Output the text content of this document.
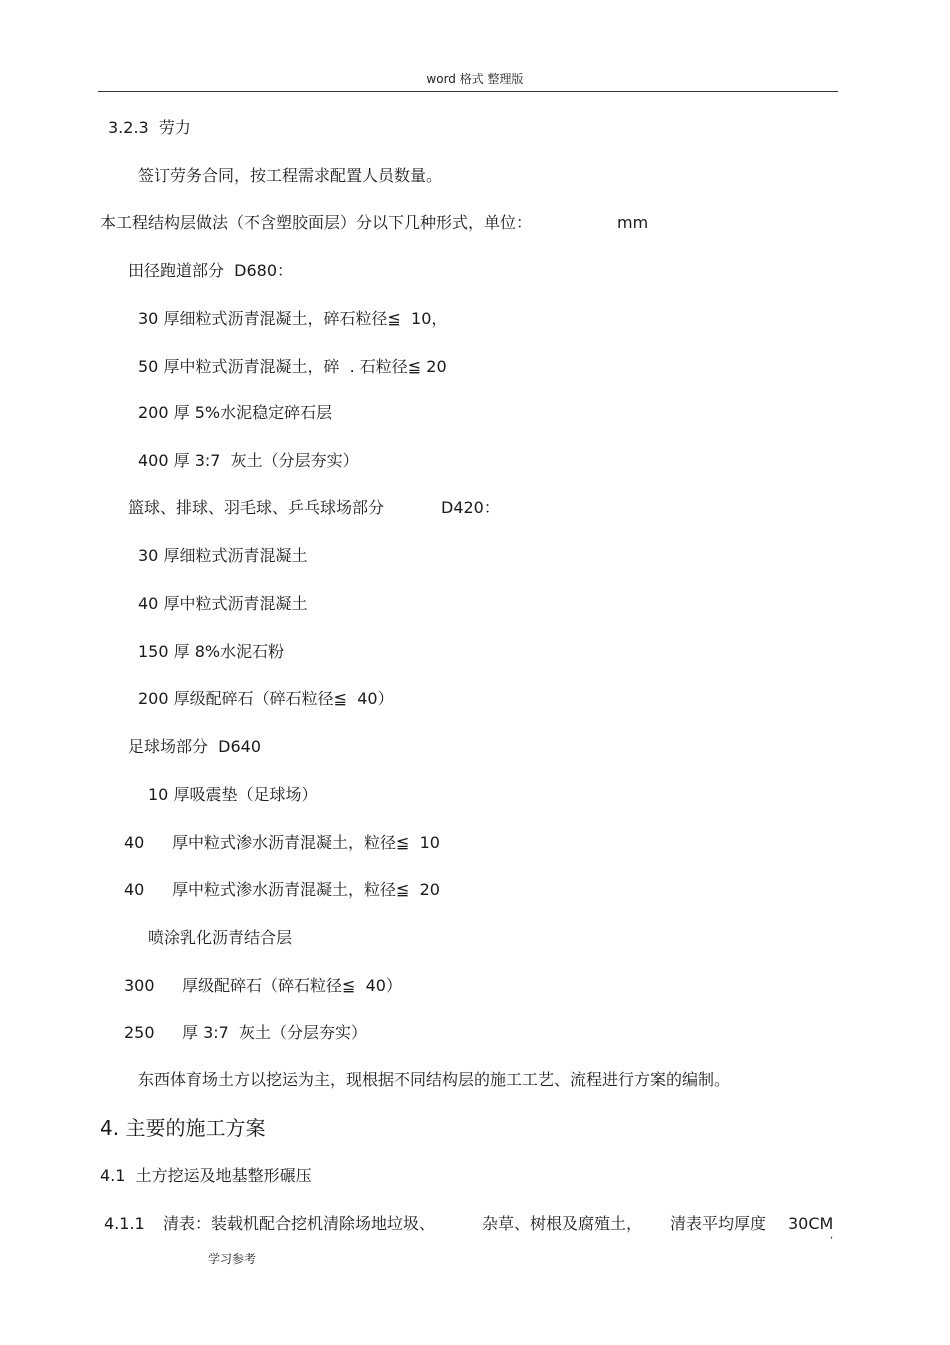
word 格式 整理版
3.2.3  劳力
签订劳务合同，按工程需求配置人员数量。
本工程结构层做法（不含塑胶面层）分以下几种形式，单位：	mm
田径跑道部分  D680：
30 厚细粒式沥青混凝土，碎石粒径≦  10，
50 厚中粒式沥青混凝土，碎  . 石粒径≦ 20
200 厚 5%水泥稳定碎石层
400 厚 3:7  灰土（分层夯实）
篮球、排球、羽毛球、乒乓球场部分	D420：
30 厚细粒式沥青混凝土
40 厚中粒式沥青混凝土
150 厚 8%水泥石粉
200 厚级配碎石（碎石粒径≦  40）
足球场部分  D640
10 厚吸震垫（足球场）
40 厚中粒式渗水沥青混凝土，粒径≦  10
40 厚中粒式渗水沥青混凝土，粒径≦  20
喷涂乳化沥青结合层
300 厚级配碎石（碎石粒径≦  40）
250 厚 3:7  灰土（分层夯实）
东西体育场土方以挖运为主，现根据不同结构层的施工工艺、流程进行方案的编制。
4. 主要的施工方案
4.1  土方挖运及地基整形碾压
4.1.1 清表：装载机配合挖机清除场地垃圾、	杂草、树根及腐殖土， 清表平均厚度 30CM
,
学习参考
